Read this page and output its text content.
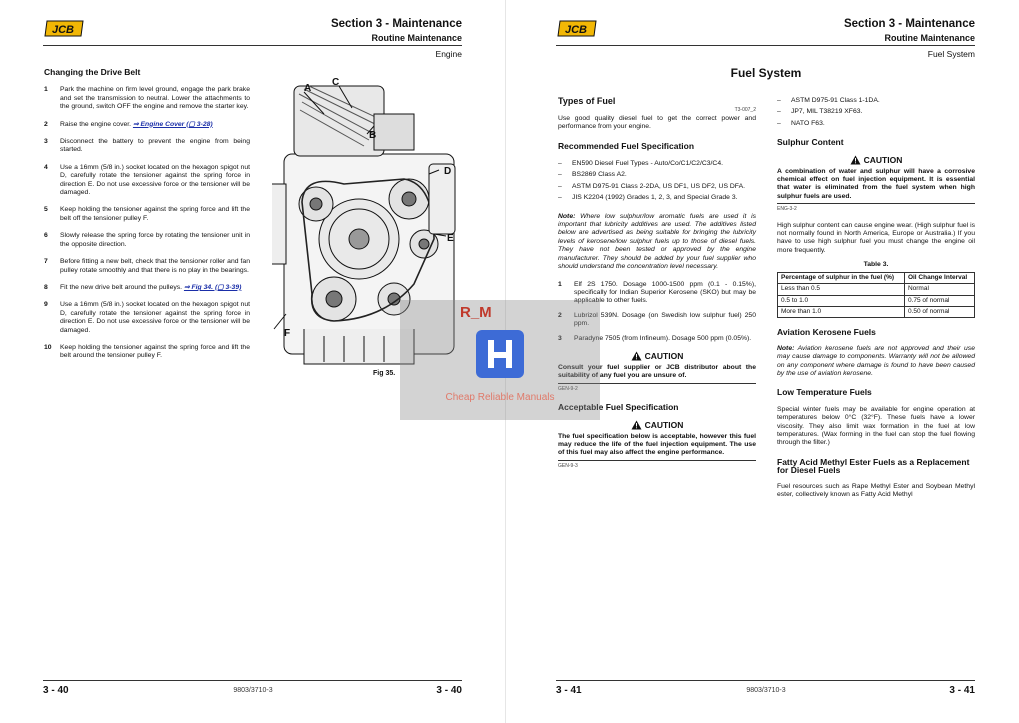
JCB	Section 3 - Maintenance
Routine Maintenance
Engine
Changing the Drive Belt
1	Park the machine on firm level ground, engage the park brake and set the transmission to neutral. Lower the attachments to the ground, switch OFF the engine and remove the starter key.
2	Raise the engine cover. ⇒ Engine Cover (▢ 3-28)
3	Disconnect the battery to prevent the engine from being started.
4	Use a 16mm (5/8 in.) socket located on the hexagon spigot nut D, carefully rotate the tensioner against the spring force in direction E. Do not use excessive force or the tensioner will be damaged.
5	Keep holding the tensioner against the spring force and lift the belt off the tensioner pulley F.
6	Slowly release the spring force by rotating the tensioner unit in the opposite direction.
7	Before fitting a new belt, check that the tensioner roller and fan pulley rotate smoothly and that there is no play in the bearings.
8	Fit the new drive belt around the pulleys. ⇒ Fig 34. (▢ 3-39)
9	Use a 16mm (5/8 in.) socket located on the hexagon spigot nut D, carefully rotate the tensioner against the spring force in direction E. Do not use excessive force or the tensioner will be damaged.
10	Keep holding the tensioner against the spring force and lift the belt around the tensioner pulley F.
A
C
B
D
E
F
Fig 35.
3 - 40	9803/3710-3	3 - 40
JCB	Section 3 - Maintenance
Routine Maintenance
Fuel System
Fuel System
Types of Fuel
T3-007_2
Use good quality diesel fuel to get the correct power and performance from your engine.
Recommended Fuel Specification
–	EN590 Diesel Fuel Types - Auto/Co/C1/C2/C3/C4.
–	BS2869 Class A2.
–	ASTM D975-91 Class 2-2DA, US DF1, US DF2, US DFA.
–	JIS K2204 (1992) Grades 1, 2, 3, and Special Grade 3.
Note: Where low sulphur/low aromatic fuels are used it is important that lubricity additives are used. The additives listed below are advertised as being suitable for bringing the lubricity levels of kerosene/low sulphur fuels up to those of diesel fuels. They have not been tested or approved by the engine manufacturer. They should be added by your fuel supplier who should understand the concentration level necessary.
1	Elf 2S 1750. Dosage 1000-1500 ppm (0.1 - 0.15%), specifically for Indian Superior Kerosene (SKO) but may be applicable to other fuels.
2	Lubrizol 539N. Dosage (on Swedish low sulphur fuel) 250 ppm.
3	Paradyne 7505 (from Infineum). Dosage 500 ppm (0.05%).
CAUTION
Consult your fuel supplier or JCB distributor about the suitability of any fuel you are unsure of.
GEN-9-2
Acceptable Fuel Specification
CAUTION
The fuel specification below is acceptable, however this fuel may reduce the life of the fuel injection equipment. The use of this fuel may also affect the engine performance.
GEN-9-3
–	ASTM D975-91 Class 1-1DA.
–	JP7, MIL T38219 XF63.
–	NATO F63.
Sulphur Content
CAUTION
A combination of water and sulphur will have a corrosive chemical effect on fuel injection equipment. It is essential that water is eliminated from the fuel system when high sulphur fuels are used.
ENG-3-2
High sulphur content can cause engine wear. (High sulphur fuel is not normally found in North America, Europe or Australia.) If you have to use high sulphur fuel you must change the engine oil more frequently.
Table 3.
Percentage of sulphur in the fuel (%)	Oil Change Interval
Less than 0.5	Normal
0.5 to 1.0	0.75 of normal
More than 1.0	0.50 of normal
Aviation Kerosene Fuels
Note: Aviation kerosene fuels are not approved and their use may cause damage to components. Warranty will not be allowed on any component where damage is found to have been caused by the use of aviation kerosene.
Low Temperature Fuels
Special winter fuels may be available for engine operation at temperatures below 0°C (32°F). These fuels have a lower viscosity. They also limit wax formation in the fuel at low temperatures. (Wax forming in the fuel can stop the fuel flowing through the filter.)
Fatty Acid Methyl Ester Fuels as a Replacement for Diesel Fuels
Fuel resources such as Rape Methyl Ester and Soybean Methyl ester, collectively known as Fatty Acid Methyl
3 - 41	9803/3710-3	3 - 41
R_M
Cheap Reliable Manuals
